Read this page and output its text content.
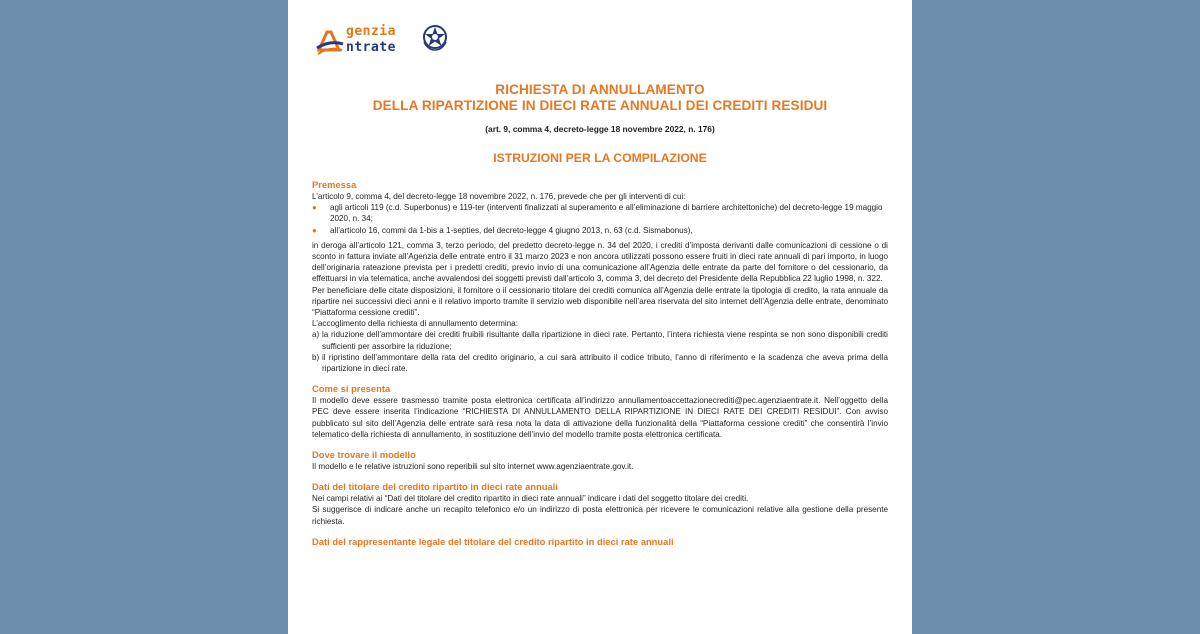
genzia
ntrate
RICHIESTA DI ANNULLAMENTO
DELLA RIPARTIZIONE IN DIECI RATE ANNUALI DEI CREDITI RESIDUI
(art. 9, comma 4, decreto-legge 18 novembre 2022, n. 176)
ISTRUZIONI PER LA COMPILAZIONE
Premessa
L’articolo 9, comma 4, del decreto-legge 18 novembre 2022, n. 176, prevede che per gli interventi di cui:
●	agli articoli 119 (c.d. Superbonus) e 119-ter (interventi finalizzati al superamento e all’eliminazione di barriere architettoniche) del decreto-legge 19 maggio 2020, n. 34;
●	all’articolo 16, commi da 1-bis a 1-septies, del decreto-legge 4 giugno 2013, n. 63 (c.d. Sismabonus),
in deroga all’articolo 121, comma 3, terzo periodo, del predetto decreto-legge n. 34 del 2020, i crediti d’imposta derivanti dalle comunicazioni di cessione o di sconto in fattura inviate all’Agenzia delle entrate entro il 31 marzo 2023 e non ancora utilizzati possono essere fruiti in dieci rate annuali di pari importo, in luogo dell’originaria rateazione prevista per i predetti crediti, previo invio di una comunicazione all’Agenzia delle entrate da parte del fornitore o del cessionario, da effettuarsi in via telematica, anche avvalendosi dei soggetti previsti dall’articolo 3, comma 3, del decreto del Presidente della Repubblica 22 luglio 1998, n. 322.
Per beneficiare delle citate disposizioni, il fornitore o il cessionario titolare dei crediti comunica all’Agenzia delle entrate la tipologia di credito, la rata annuale da ripartire nei successivi dieci anni e il relativo importo tramite il servizio web disponibile nell’area riservata del sito internet dell’Agenzia delle entrate, denominato “Piattaforma cessione crediti”.
L’accoglimento della richiesta di annullamento determina:
a) la riduzione dell’ammontare dei crediti fruibili risultante dalla ripartizione in dieci rate. Pertanto, l’intera richiesta viene respinta se non sono disponibili crediti sufficienti per assorbire la riduzione;
b) il ripristino dell’ammontare della rata del credito originario, a cui sarà attribuito il codice tributo, l’anno di riferimento e la scadenza che aveva prima della ripartizione in dieci rate.
Come si presenta
Il modello deve essere trasmesso tramite posta elettronica certificata all’indirizzo annullamentoaccettazionecrediti@pec.agenziaentrate.it. Nell’oggetto della PEC deve essere inserita l’indicazione “RICHIESTA DI ANNULLAMENTO DELLA RIPARTIZIONE IN DIECI RATE DEI CREDITI RESIDUI”. Con avviso pubblicato sul sito dell’Agenzia delle entrate sarà resa nota la data di attivazione della funzionalità della “Piattaforma cessione crediti” che consentirà l’invio telematico della richiesta di annullamento, in sostituzione dell’invio del modello tramite posta elettronica certificata.
Dove trovare il modello
Il modello e le relative istruzioni sono reperibili sul sito internet www.agenziaentrate.gov.it.
Dati del titolare del credito ripartito in dieci rate annuali
Nei campi relativi ai “Dati del titolare del credito ripartito in dieci rate annuali” indicare i dati del soggetto titolare dei crediti.
Si suggerisce di indicare anche un recapito telefonico e/o un indirizzo di posta elettronica per ricevere le comunicazioni relative alla gestione della presente richiesta.
Dati del rappresentante legale del titolare del credito ripartito in dieci rate annuali
